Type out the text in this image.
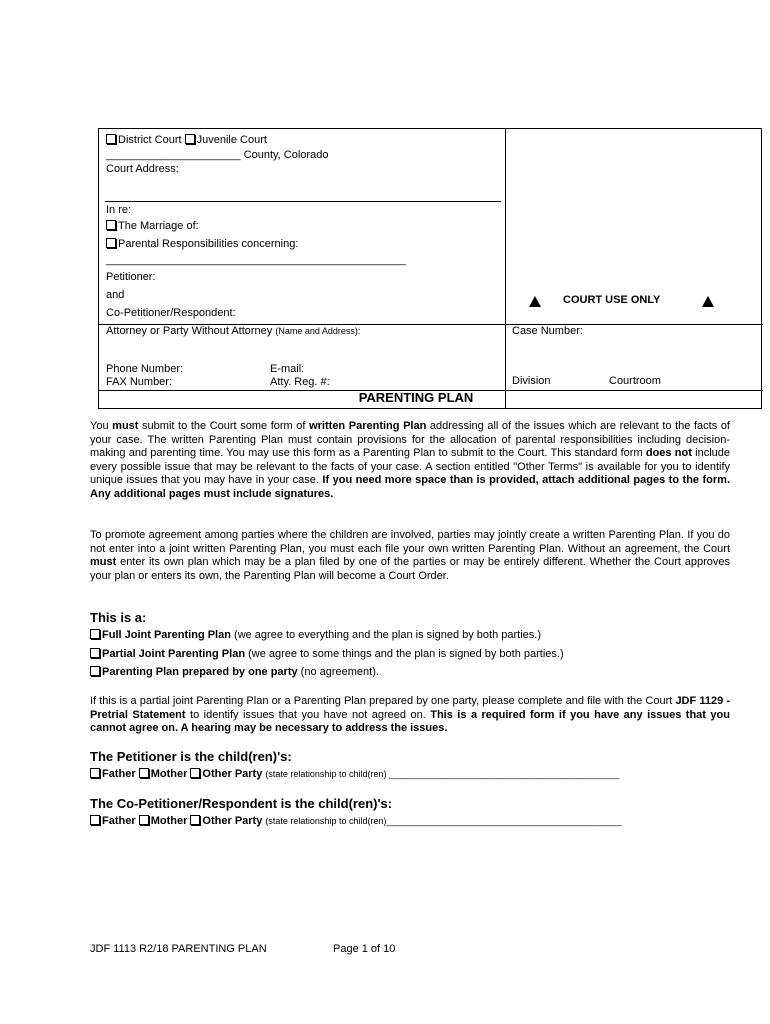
District Court Juvenile Court
______________________ County, Colorado
Court Address:
In re:
The Marriage of:
Parental Responsibilities concerning:
_________________________________________________
Petitioner:
and
Co-Petitioner/Respondent:
COURT USE ONLY
Attorney or Party Without Attorney (Name and Address):	Case Number:
Phone Number:	E-mail:
FAX Number:	Atty. Reg. #:	Division	Courtroom
PARENTING PLAN
You must submit to the Court some form of written Parenting Plan addressing all of the issues which are relevant to the facts of your case. The written Parenting Plan must contain provisions for the allocation of parental responsibilities including decision-making and parenting time. You may use this form as a Parenting Plan to submit to the Court. This standard form does not include every possible issue that may be relevant to the facts of your case. A section entitled "Other Terms" is available for you to identify unique issues that you may have in your case. If you need more space than is provided, attach additional pages to the form. Any additional pages must include signatures.
To promote agreement among parties where the children are involved, parties may jointly create a written Parenting Plan. If you do not enter into a joint written Parenting Plan, you must each file your own written Parenting Plan. Without an agreement, the Court must enter its own plan which may be a plan filed by one of the parties or may be entirely different. Whether the Court approves your plan or enters its own, the Parenting Plan will become a Court Order.
This is a:
Full Joint Parenting Plan (we agree to everything and the plan is signed by both parties.)
Partial Joint Parenting Plan (we agree to some things and the plan is signed by both parties.)
Parenting Plan prepared by one party (no agreement).
If this is a partial joint Parenting Plan or a Parenting Plan prepared by one party, please complete and file with the Court JDF 1129 - Pretrial Statement to identify issues that you have not agreed on. This is a required form if you have any issues that you cannot agree on. A hearing may be necessary to address the issues.
The Petitioner is the child(ren)'s:
Father Mother Other Party (state relationship to child(ren) ______________________________________________
The Co-Petitioner/Respondent is the child(ren)'s:
Father Mother Other Party (state relationship to child(ren)_______________________________________________
JDF 1113 R2/18 PARENTING PLAN	Page 1 of 10
